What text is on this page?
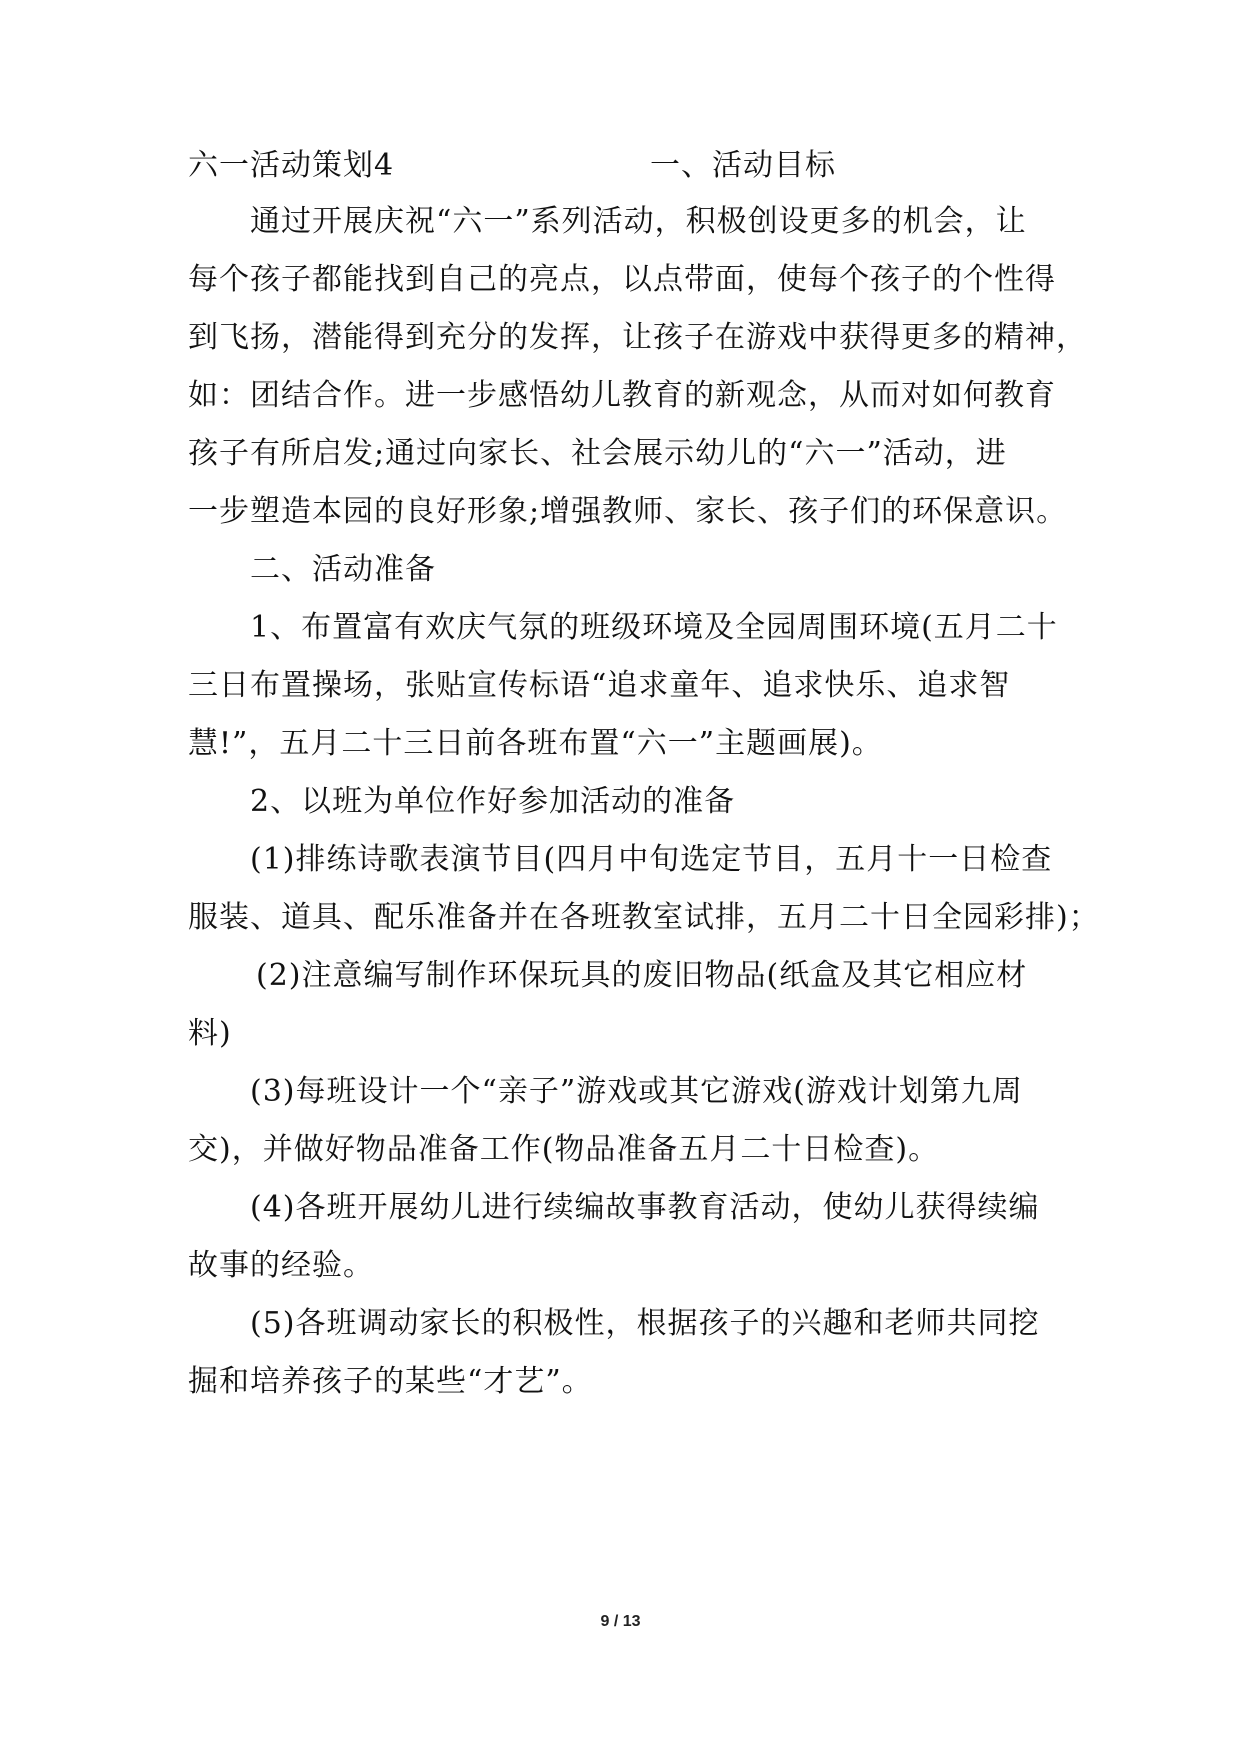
六一活动策划4	一、活动目标
通过开展庆祝“六一”系列活动，积极创设更多的机会，让
每个孩子都能找到自己的亮点，以点带面，使每个孩子的个性得
到飞扬，潜能得到充分的发挥，让孩子在游戏中获得更多的精神，
如：团结合作。进一步感悟幼儿教育的新观念，从而对如何教育
孩子有所启发;通过向家长、社会展示幼儿的“六一”活动，进
一步塑造本园的良好形象;增强教师、家长、孩子们的环保意识。
二、活动准备
1、布置富有欢庆气氛的班级环境及全园周围环境(五月二十
三日布置操场，张贴宣传标语“追求童年、追求快乐、追求智
慧!”，五月二十三日前各班布置“六一”主题画展)。
2、以班为单位作好参加活动的准备
(1)排练诗歌表演节目(四月中旬选定节目，五月十一日检查
服装、道具、配乐准备并在各班教室试排，五月二十日全园彩排)；
(2)注意编写制作环保玩具的废旧物品(纸盒及其它相应材
料)
(3)每班设计一个“亲子”游戏或其它游戏(游戏计划第九周
交)，并做好物品准备工作(物品准备五月二十日检查)。
(4)各班开展幼儿进行续编故事教育活动，使幼儿获得续编
故事的经验。
(5)各班调动家长的积极性，根据孩子的兴趣和老师共同挖
掘和培养孩子的某些“才艺”。
9 / 13
